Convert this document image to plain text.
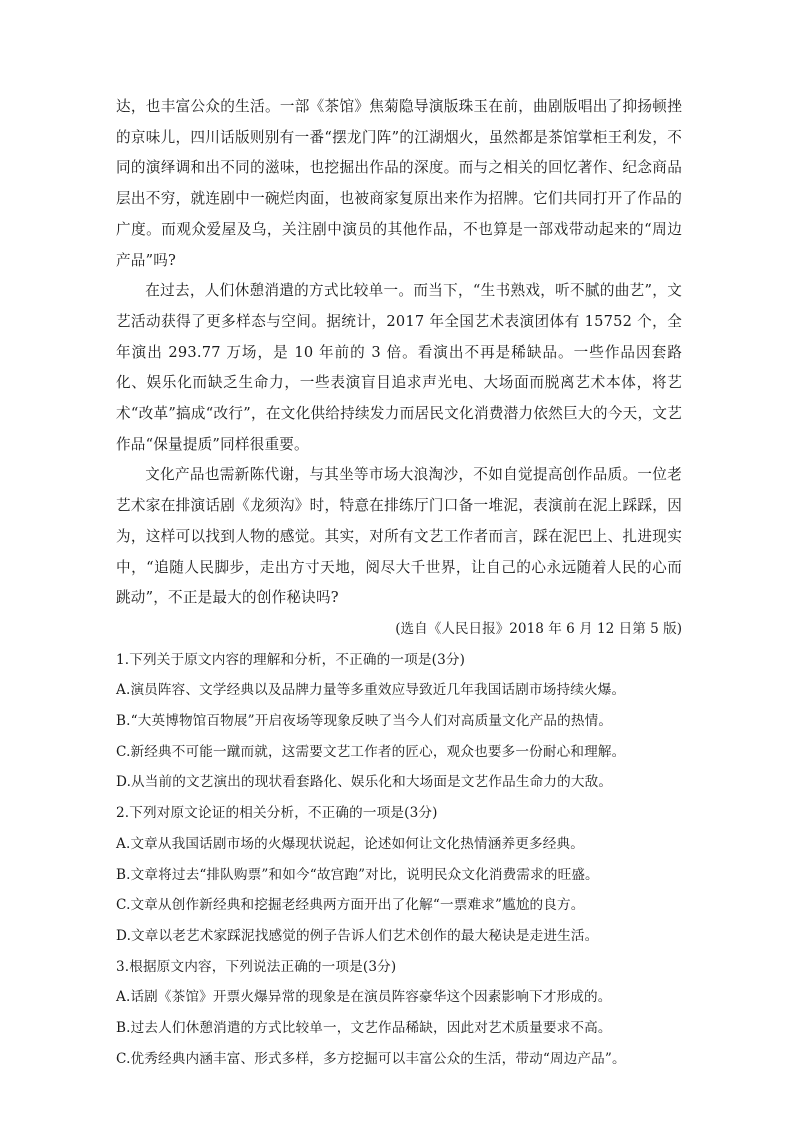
达，也丰富公众的生活。一部《茶馆》焦菊隐导演版珠玉在前，曲剧版唱出了抑扬顿挫的京味儿，四川话版则别有一番“摆龙门阵”的江湖烟火，虽然都是茶馆掌柜王利发，不同的演绎调和出不同的滋味，也挖掘出作品的深度。而与之相关的回忆著作、纪念商品层出不穷，就连剧中一碗烂肉面，也被商家复原出来作为招牌。它们共同打开了作品的广度。而观众爱屋及乌，关注剧中演员的其他作品，不也算是一部戏带动起来的“周边产品”吗?

在过去，人们休憩消遣的方式比较单一。而当下，“生书熟戏，听不腻的曲艺”，文艺活动获得了更多样态与空间。据统计，2017 年全国艺术表演团体有 15752 个，全年演出 293.77 万场，是 10 年前的 3 倍。看演出不再是稀缺品。一些作品因套路化、娱乐化而缺乏生命力，一些表演盲目追求声光电、大场面而脱离艺术本体，将艺术“改革”搞成“改行”，在文化供给持续发力而居民文化消费潜力依然巨大的今天，文艺作品“保量提质”同样很重要。

文化产品也需新陈代谢，与其坐等市场大浪淘沙，不如自觉提高创作品质。一位老艺术家在排演话剧《龙须沟》时，特意在排练厅门口备一堆泥，表演前在泥上踩踩，因为，这样可以找到人物的感觉。其实，对所有文艺工作者而言，踩在泥巴上、扎进现实中，“追随人民脚步，走出方寸天地，阅尽大千世界，让自己的心永远随着人民的心而跳动”，不正是最大的创作秘诀吗?

(选自《人民日报》2018 年 6 月 12 日第 5 版)

1.下列关于原文内容的理解和分析，不正确的一项是(3分)
A.演员阵容、文学经典以及品牌力量等多重效应导致近几年我国话剧市场持续火爆。
B.“大英博物馆百物展”开启夜场等现象反映了当今人们对高质量文化产品的热情。
C.新经典不可能一蹴而就，这需要文艺工作者的匠心，观众也要多一份耐心和理解。
D.从当前的文艺演出的现状看套路化、娱乐化和大场面是文艺作品生命力的大敌。
2.下列对原文论证的相关分析，不正确的一项是(3分)
A.文章从我国话剧市场的火爆现状说起，论述如何让文化热情涵养更多经典。
B.文章将过去“排队购票”和如今“故宫跑”对比，说明民众文化消费需求的旺盛。
C.文章从创作新经典和挖掘老经典两方面开出了化解“一票难求”尴尬的良方。
D.文章以老艺术家踩泥找感觉的例子告诉人们艺术创作的最大秘诀是走进生活。
3.根据原文内容，下列说法正确的一项是(3分)
A.话剧《茶馆》开票火爆异常的现象是在演员阵容豪华这个因素影响下才形成的。
B.过去人们休憩消遣的方式比较单一，文艺作品稀缺，因此对艺术质量要求不高。
C.优秀经典内涵丰富、形式多样，多方挖掘可以丰富公众的生活，带动“周边产品”。
